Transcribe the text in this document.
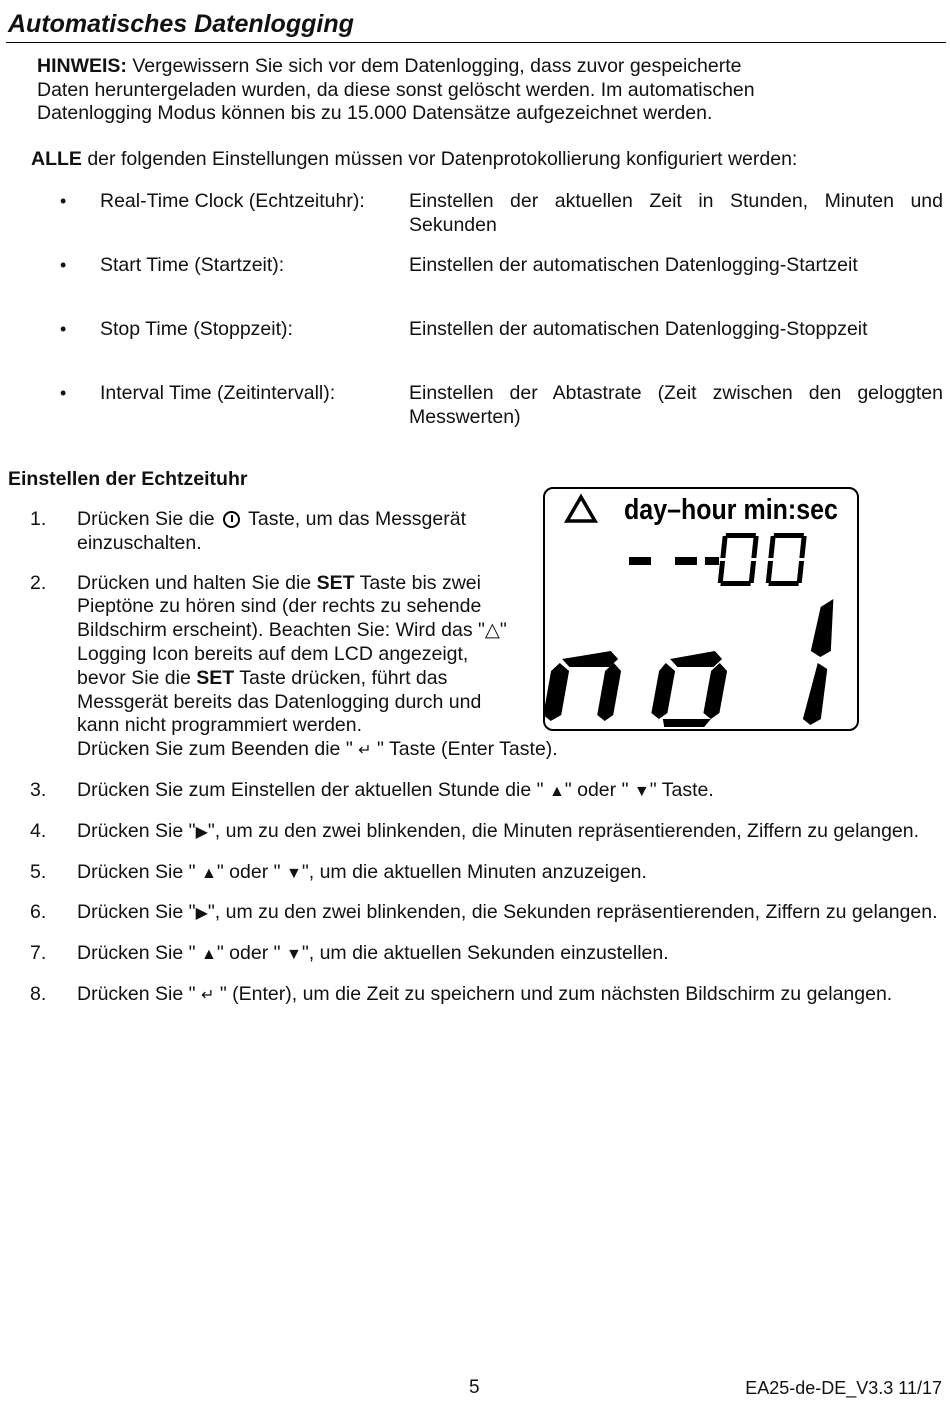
Automatisches Datenlogging

HINWEIS: Vergewissern Sie sich vor dem Datenlogging, dass zuvor gespeicherte
Daten heruntergeladen wurden, da diese sonst gelöscht werden. Im automatischen
Datenlogging Modus können bis zu 15.000 Datensätze aufgezeichnet werden.

ALLE der folgenden Einstellungen müssen vor Datenprotokollierung konfiguriert werden:

• Real-Time Clock (Echtzeituhr): Einstellen der aktuellen Zeit in Stunden, Minuten und Sekunden
• Start Time (Startzeit):	Einstellen der automatischen Datenlogging-Startzeit
• Stop Time (Stoppzeit):	Einstellen der automatischen Datenlogging-Stoppzeit
• Interval Time (Zeitintervall):	Einstellen der Abtastrate (Zeit zwischen den geloggten Messwerten)
Einstellen der Echtzeituhr
1. Drücken Sie die Taste, um das Messgerät einzuschalten.
2. Drücken und halten Sie die SET Taste bis zwei Pieptöne zu hören sind (der rechts zu sehende Bildschirm erscheint). Beachten Sie: Wird das "△" Logging Icon bereits auf dem LCD angezeigt, bevor Sie die SET Taste drücken, führt das Messgerät bereits das Datenlogging durch und kann nicht programmiert werden.
Drücken Sie zum Beenden die " ↵ " Taste (Enter Taste).
3. Drücken Sie zum Einstellen der aktuellen Stunde die " ▲" oder " ▼" Taste.
4. Drücken Sie "▶", um zu den zwei blinkenden, die Minuten repräsentierenden, Ziffern zu gelangen.
5. Drücken Sie " ▲" oder " ▼", um die aktuellen Minuten anzuzeigen.
6. Drücken Sie "▶", um zu den zwei blinkenden, die Sekunden repräsentierenden, Ziffern zu gelangen.
7. Drücken Sie " ▲" oder " ▼", um die aktuellen Sekunden einzustellen.
8. Drücken Sie " ↵ " (Enter), um die Zeit zu speichern und zum nächsten Bildschirm zu gelangen.
day–hour min:sec
5	EA25-de-DE_V3.3 11/17
